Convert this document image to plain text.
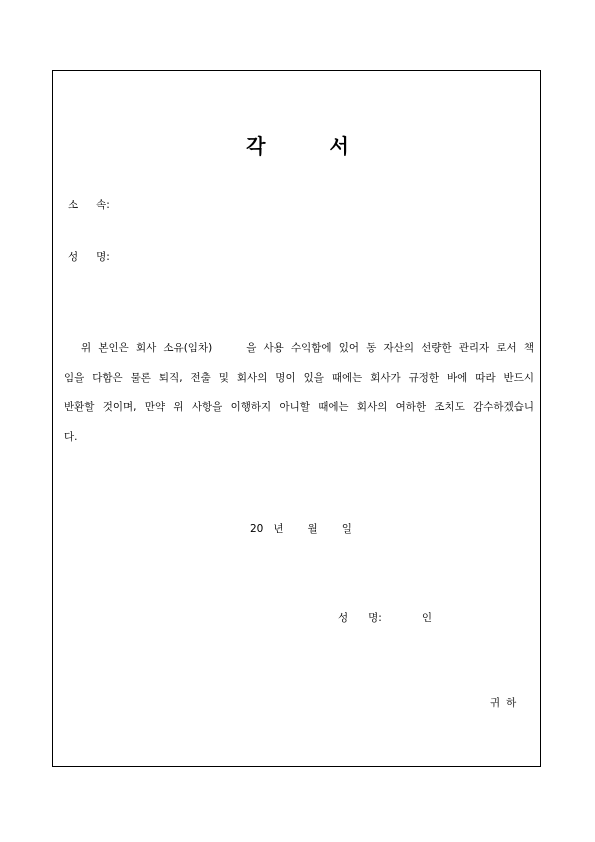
각	서
소 속:
성 명:
위 본인은 회사 소유(임차)	을 사용 수익함에 있어 동 자산의 선량한 관리자 로서 책
임을 다함은 물론 퇴직, 전출 및 회사의 명이 있을 때에는 회사가 규정한 바에 따라 반드시
반환할 것이며, 만약 위 사항을 이행하지 아니할 때에는 회사의 여하한 조치도 감수하겠습니
다.
20 년 월 일
성 명:	인
귀 하
